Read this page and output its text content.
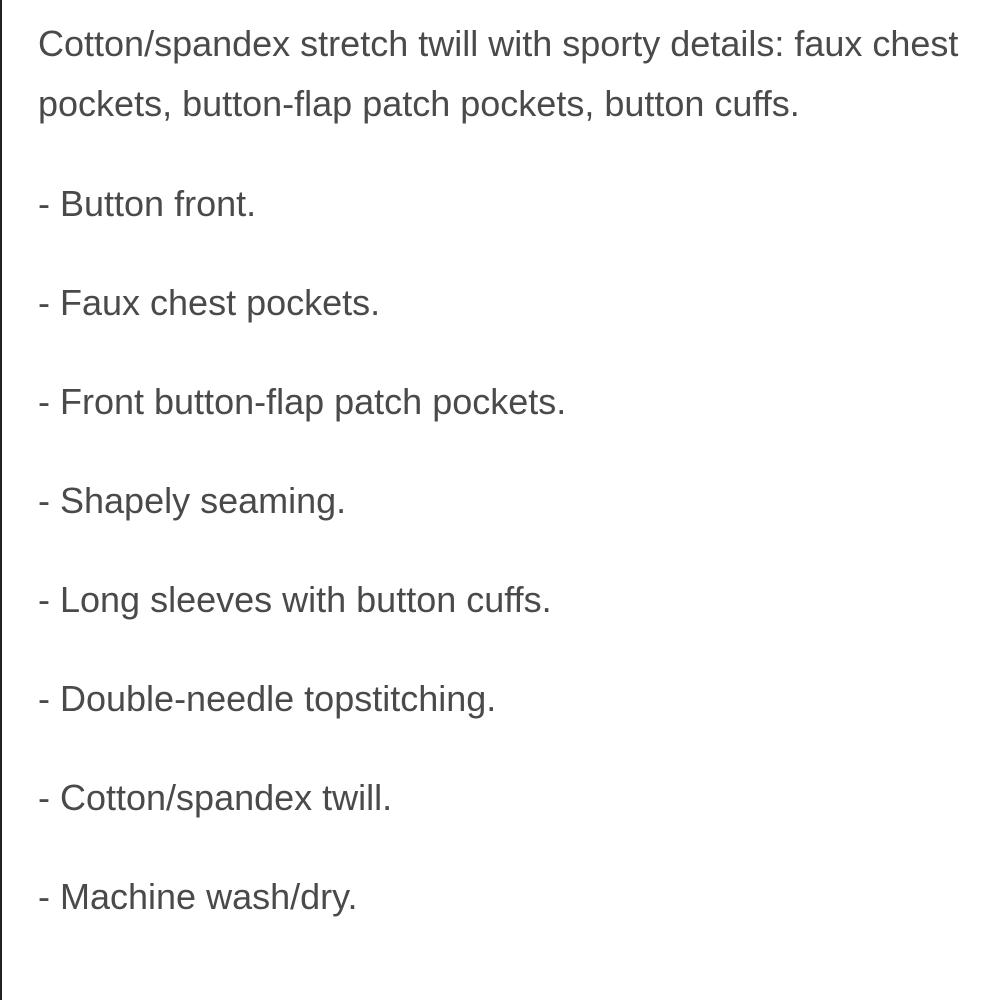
Cotton/spandex stretch twill with sporty details: faux chest pockets, button-flap patch pockets, button cuffs.

- Button front.
- Faux chest pockets.
- Front button-flap patch pockets.
- Shapely seaming.
- Long sleeves with button cuffs.
- Double-needle topstitching.
- Cotton/spandex twill.
- Machine wash/dry.
